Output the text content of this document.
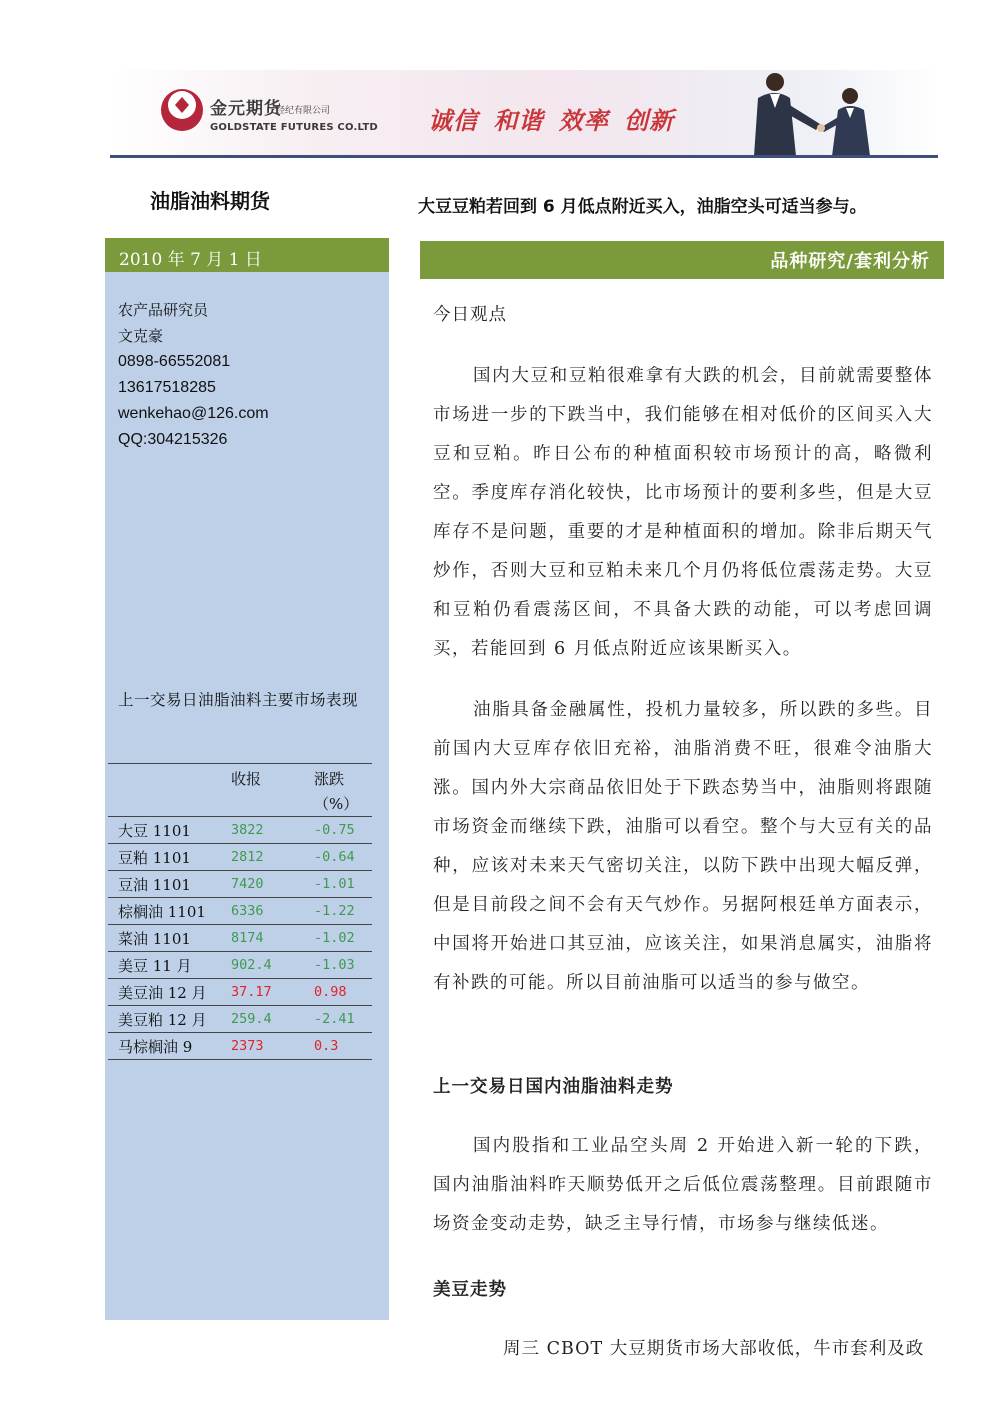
金元期货
经纪有限公司
GOLDSTATE FUTURES CO.LTD 诚信 和谐 效率 创新
油脂油料期货	大豆豆粕若回到 6 月低点附近买入，油脂空头可适当参与。
2010 年 7 月 1 日
农产品研究员
文克豪
0898-66552081
13617518285
wenkehao@126.com
QQ:304215326
上一交易日油脂油料主要市场表现
	收报	涨跌
（%）

大豆 1101	3822	-0.75
豆粕 1101	2812	-0.64
豆油 1101	7420	-1.01
棕榈油 1101	6336	-1.22
菜油 1101	8174	-1.02
美豆 11 月	902.4	-1.03
美豆油 12 月	37.17	0.98
美豆粕 12 月	259.4	-2.41
马棕榈油 9	2373	0.3
品种研究/套利分析
今日观点
国内大豆和豆粕很难拿有大跌的机会，目前就需要整体市场进一步的下跌当中，我们能够在相对低价的区间买入大豆和豆粕。昨日公布的种植面积较市场预计的高，略微利空。季度库存消化较快，比市场预计的要利多些，但是大豆库存不是问题，重要的才是种植面积的增加。除非后期天气炒作，否则大豆和豆粕未来几个月仍将低位震荡走势。大豆和豆粕仍看震荡区间，不具备大跌的动能，可以考虑回调买，若能回到 6 月低点附近应该果断买入。
油脂具备金融属性，投机力量较多，所以跌的多些。目前国内大豆库存依旧充裕，油脂消费不旺，很难令油脂大涨。国内外大宗商品依旧处于下跌态势当中，油脂则将跟随市场资金而继续下跌，油脂可以看空。整个与大豆有关的品种，应该对未来天气密切关注，以防下跌中出现大幅反弹，但是目前段之间不会有天气炒作。另据阿根廷单方面表示，中国将开始进口其豆油，应该关注，如果消息属实，油脂将有补跌的可能。所以目前油脂可以适当的参与做空。
上一交易日国内油脂油料走势
国内股指和工业品空头周 2 开始进入新一轮的下跌，国内油脂油料昨天顺势低开之后低位震荡整理。目前跟随市场资金变动走势，缺乏主导行情，市场参与继续低迷。
美豆走势
周三 CBOT 大豆期货市场大部收低，牛市套利及政
